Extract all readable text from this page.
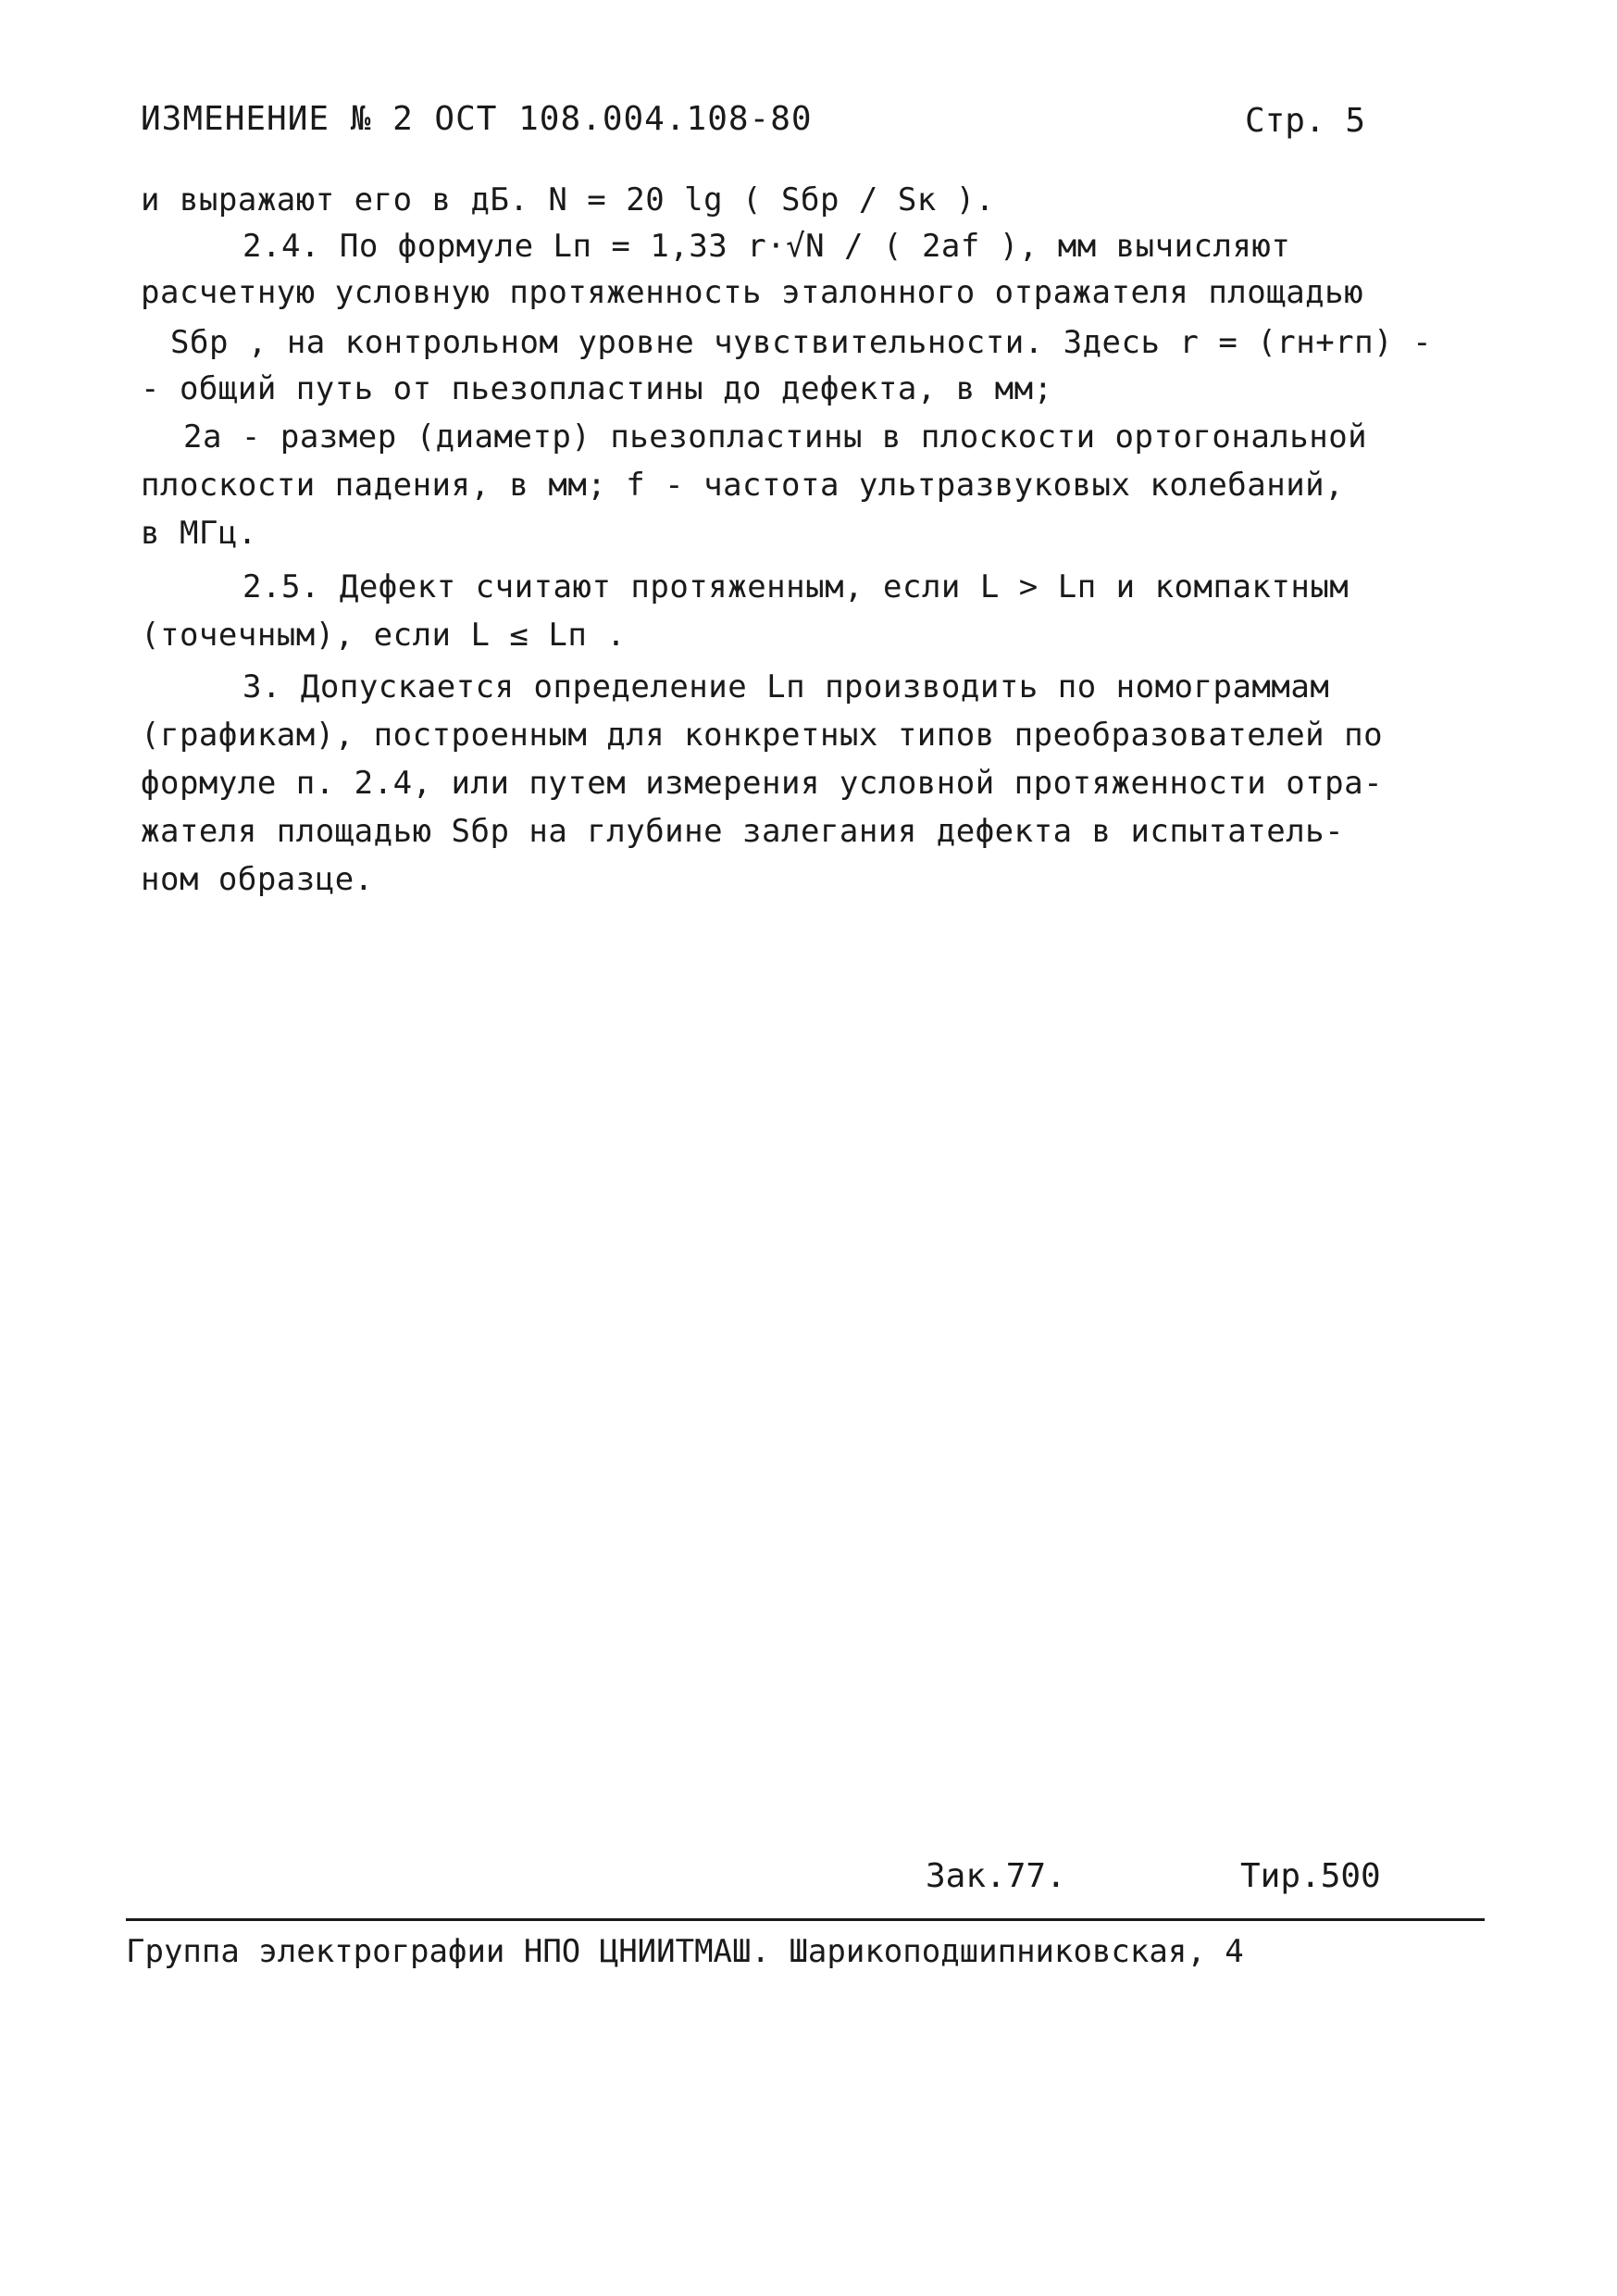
ИЗМЕНЕНИЕ № 2 ОСТ 108.004.108-80	Стр. 5
и выражают его в дБ. N = 20 lg ( Sбр / Sк ).
2.4. По формуле Lп = 1,33 r·√N / ( 2af ), мм вычисляют
расчетную условную протяженность эталонного отражателя площадью
Sбр , на контрольном уровне чувствительности. Здесь r = (rн+rп) -
- общий путь от пьезопластины до дефекта, в мм;
2a - размер (диаметр) пьезопластины в плоскости ортогональной
плоскости падения, в мм; f - частота ультразвуковых колебаний,
в МГц.
2.5. Дефект считают протяженным, если L > Lп и компактным
(точечным), если L ≤ Lп .
3. Допускается определение Lп производить по номограммам
(графикам), построенным для конкретных типов преобразователей по
формуле п. 2.4, или путем измерения условной протяженности отра-
жателя площадью Sбр на глубине залегания дефекта в испытатель-
ном образце.
Зак.77.	Тир.500
Группа электрографии НПО ЦНИИТМАШ. Шарикоподшипниковская, 4
